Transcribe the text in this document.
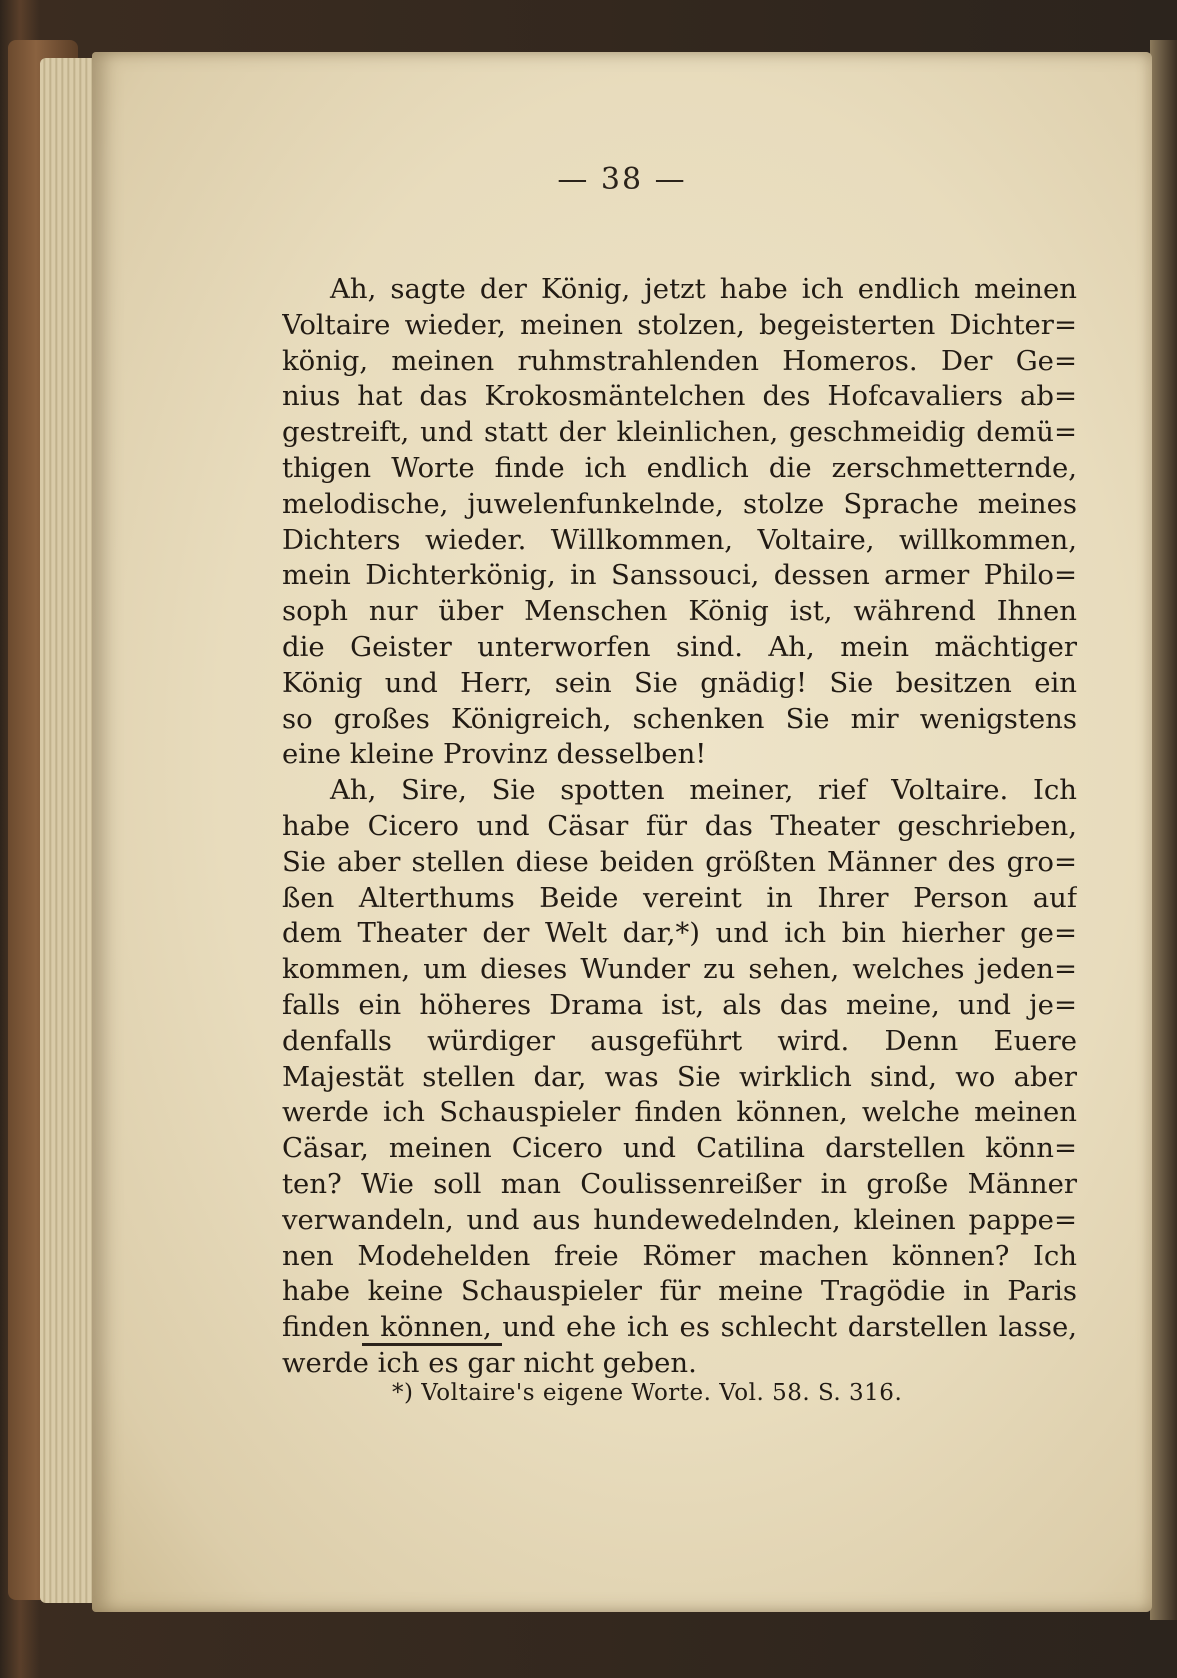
— 38 —
Ah, sagte der König, jetzt habe ich endlich meinen
Voltaire wieder, meinen stolzen, begeisterten Dichter=
könig, meinen ruhmstrahlenden Homeros. Der Ge=
nius hat das Krokosmäntelchen des Hofcavaliers ab=
gestreift, und statt der kleinlichen, geschmeidig demü=
thigen Worte finde ich endlich die zerschmetternde,
melodische, juwelenfunkelnde, stolze Sprache meines
Dichters wieder. Willkommen, Voltaire, willkommen,
mein Dichterkönig, in Sanssouci, dessen armer Philo=
soph nur über Menschen König ist, während Ihnen
die Geister unterworfen sind. Ah, mein mächtiger
König und Herr, sein Sie gnädig! Sie besitzen ein
so großes Königreich, schenken Sie mir wenigstens
eine kleine Provinz desselben!
Ah, Sire, Sie spotten meiner, rief Voltaire. Ich
habe Cicero und Cäsar für das Theater geschrieben,
Sie aber stellen diese beiden größten Männer des gro=
ßen Alterthums Beide vereint in Ihrer Person auf
dem Theater der Welt dar,*) und ich bin hierher ge=
kommen, um dieses Wunder zu sehen, welches jeden=
falls ein höheres Drama ist, als das meine, und je=
denfalls würdiger ausgeführt wird. Denn Euere
Majestät stellen dar, was Sie wirklich sind, wo aber
werde ich Schauspieler finden können, welche meinen
Cäsar, meinen Cicero und Catilina darstellen könn=
ten? Wie soll man Coulissenreißer in große Männer
verwandeln, und aus hundewedelnden, kleinen pappe=
nen Modehelden freie Römer machen können? Ich
habe keine Schauspieler für meine Tragödie in Paris
finden können, und ehe ich es schlecht darstellen lasse,
werde ich es gar nicht geben.
*) Voltaire's eigene Worte. Vol. 58. S. 316.
